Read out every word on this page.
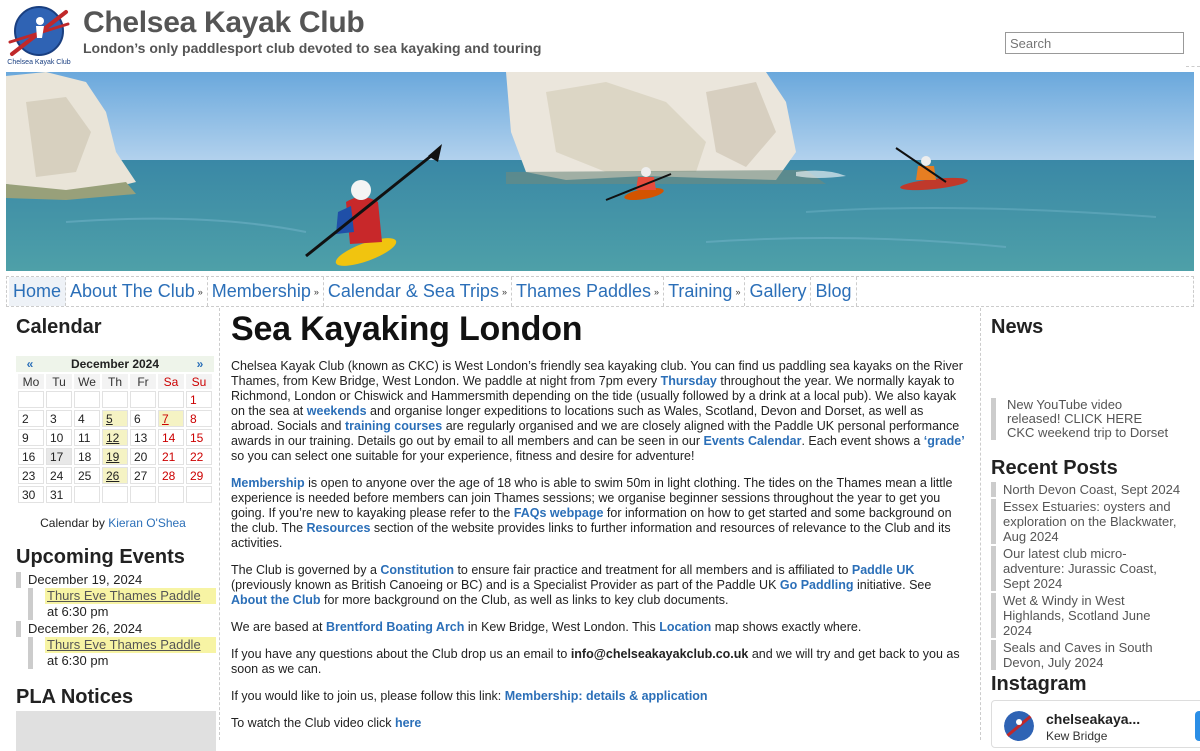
Chelsea Kayak Club
Chelsea Kayak Club
London’s only paddlesport club devoted to sea kayaking and touring
Search
Home About The Club » Membership » Calendar & Sea Trips » Thames Paddles » Training » Gallery Blog
Calendar
«	December 2024	»
Mo	Tu	We	Th	Fr	Sa	Su
						1
2	3	4	5	6	7	8
9	10	11	12	13	14	15
16	17	18	19	20	21	22
23	24	25	26	27	28	29
30	31					
Calendar by Kieran O'Shea
Upcoming Events
December 19, 2024
Thurs Eve Thames Paddle
at 6:30 pm
December 26, 2024
Thurs Eve Thames Paddle
at 6:30 pm
PLA Notices
Sea Kayaking London

Chelsea Kayak Club (known as CKC) is West London’s friendly sea kayaking club. You can find us paddling sea kayaks on the River Thames, from Kew Bridge, West London. We paddle at night from 7pm every Thursday throughout the year. We normally kayak to Richmond, London or Chiswick and Hammersmith depending on the tide (usually followed by a drink at a local pub). We also kayak on the sea at weekends and organise longer expeditions to locations such as Wales, Scotland, Devon and Dorset, as well as abroad. Socials and training courses are regularly organised and we are closely aligned with the Paddle UK personal performance awards in our training. Details go out by email to all members and can be seen in our Events Calendar. Each event shows a ‘grade’ so you can select one suitable for your experience, fitness and desire for adventure!

Membership is open to anyone over the age of 18 who is able to swim 50m in light clothing. The tides on the Thames mean a little experience is needed before members can join Thames sessions; we organise beginner sessions throughout the year to get you going. If you’re new to kayaking please refer to the FAQs webpage for information on how to get started and some background on the club. The Resources section of the website provides links to further information and resources of relevance to the Club and its activities.

The Club is governed by a Constitution to ensure fair practice and treatment for all members and is affiliated to Paddle UK (previously known as British Canoeing or BC) and is a Specialist Provider as part of the Paddle UK Go Paddling initiative. See About the Club for more background on the Club, as well as links to key club documents.

We are based at Brentford Boating Arch in Kew Bridge, West London. This Location map shows exactly where.

If you have any questions about the Club drop us an email to info@chelseakayakclub.co.uk and we will try and get back to you as soon as we can.

If you would like to join us, please follow this link: Membership: details & application

To watch the Club video click here

News
New YouTube video released! CLICK HERE
CKC weekend trip to Dorset
Recent Posts
North Devon Coast, Sept 2024
Essex Estuaries: oysters and exploration on the Blackwater, Aug 2024
Our latest club micro-adventure: Jurassic Coast, Sept 2024
Wet & Windy in West Highlands, Scotland June 2024
Seals and Caves in South Devon, July 2024
Instagram
chelseakaya...
Kew Bridge
